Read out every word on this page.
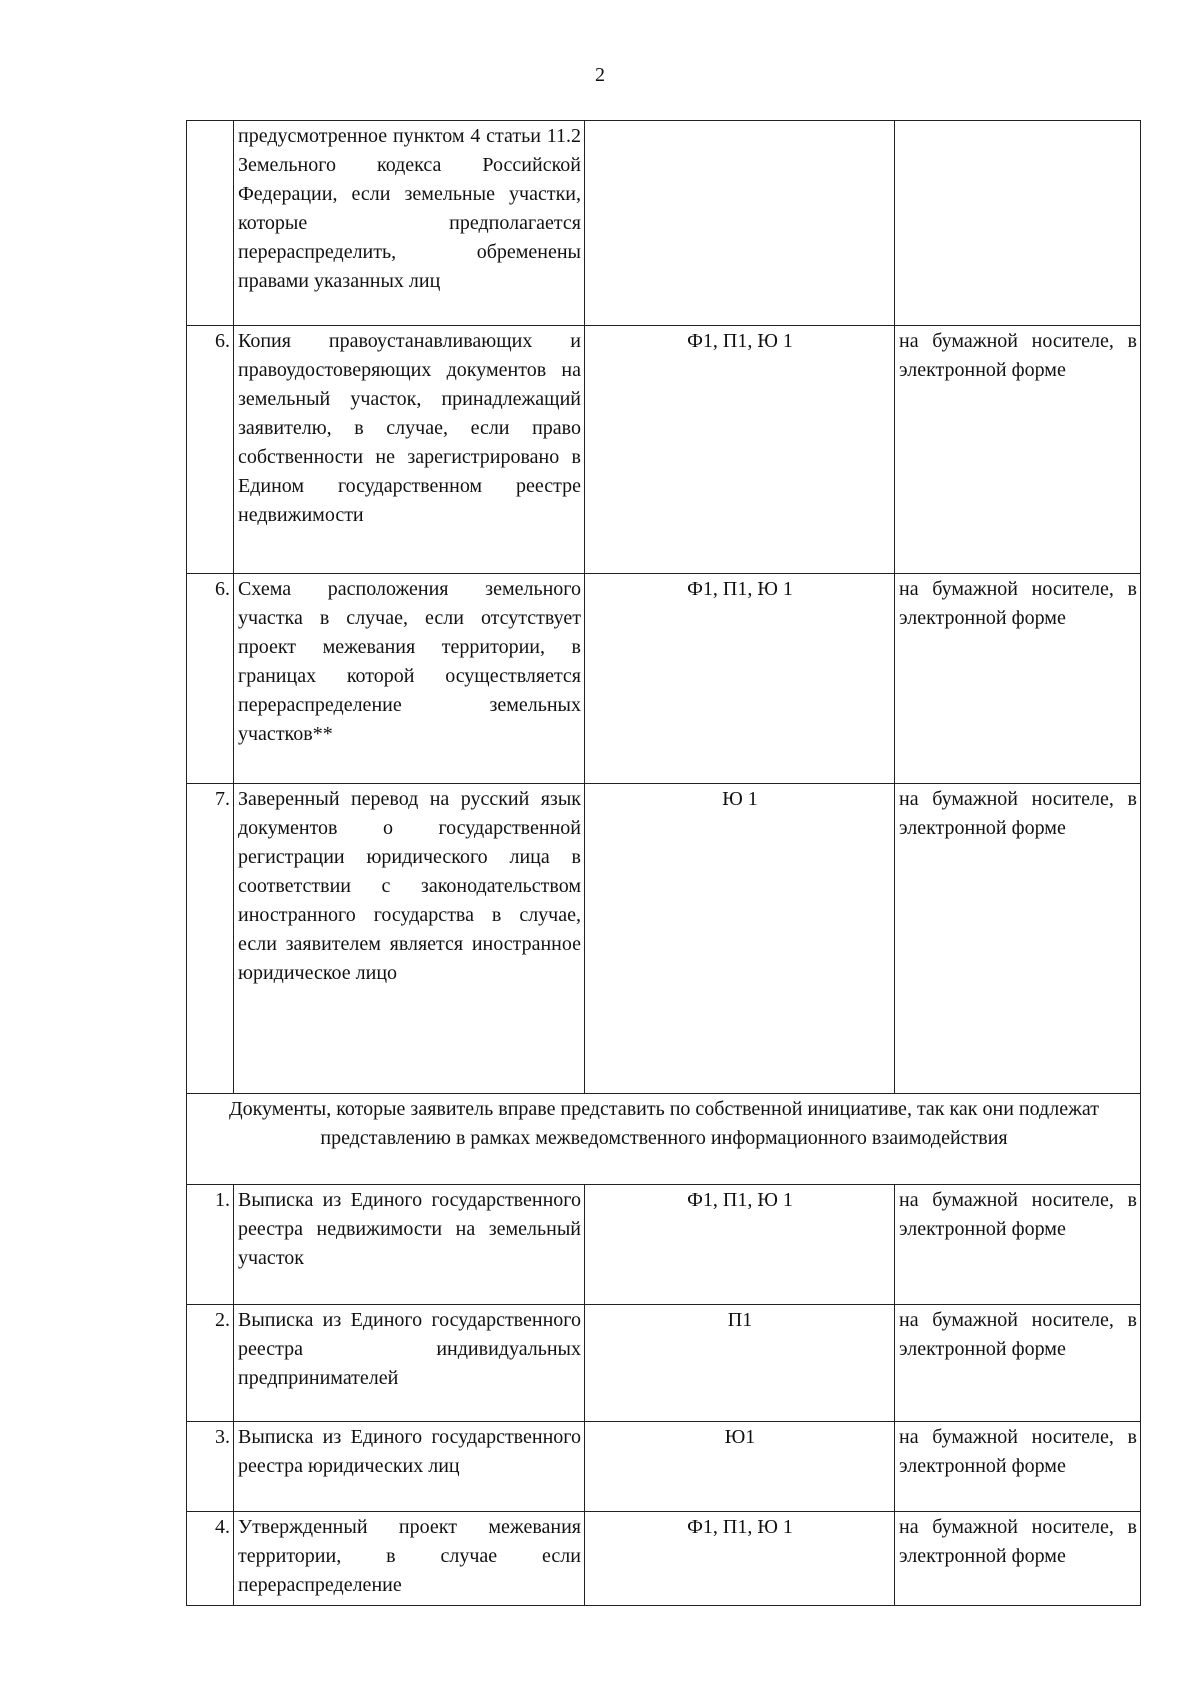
2
	предусмотренное пунктом 4 статьи 11.2 Земельного кодекса Российской Федерации, если земельные участки, которые предполагается перераспределить, обременены правами указанных лиц		
6.	Копия правоустанавливающих и правоудостоверяющих документов на земельный участок, принадлежащий заявителю, в случае, если право собственности не зарегистрировано в Едином государственном реестре недвижимости	Ф1, П1, Ю 1	на бумажной носителе, в электронной форме
6.	Схема расположения земельного участка в случае, если отсутствует проект межевания территории, в границах которой осуществляется перераспределение земельных участков**	Ф1, П1, Ю 1	на бумажной носителе, в электронной форме
7.	Заверенный перевод на русский язык документов о государственной регистрации юридического лица в соответствии с законодательством иностранного государства в случае, если заявителем является иностранное юридическое лицо	Ю 1	на бумажной носителе, в электронной форме
Документы, которые заявитель вправе представить по собственной инициативе, так как они подлежат представлению в рамках межведомственного информационного взаимодействия			
1.	Выписка из Единого государственного реестра недвижимости на земельный участок	Ф1, П1, Ю 1	на бумажной носителе, в электронной форме
2.	Выписка из Единого государственного реестра индивидуальных предпринимателей	П1	на бумажной носителе, в электронной форме
3.	Выписка из Единого государственного реестра юридических лиц	Ю1	на бумажной носителе, в электронной форме
4.	Утвержденный проект межевания территории, в случае если перераспределение	Ф1, П1, Ю 1	на бумажной носителе, в электронной форме
